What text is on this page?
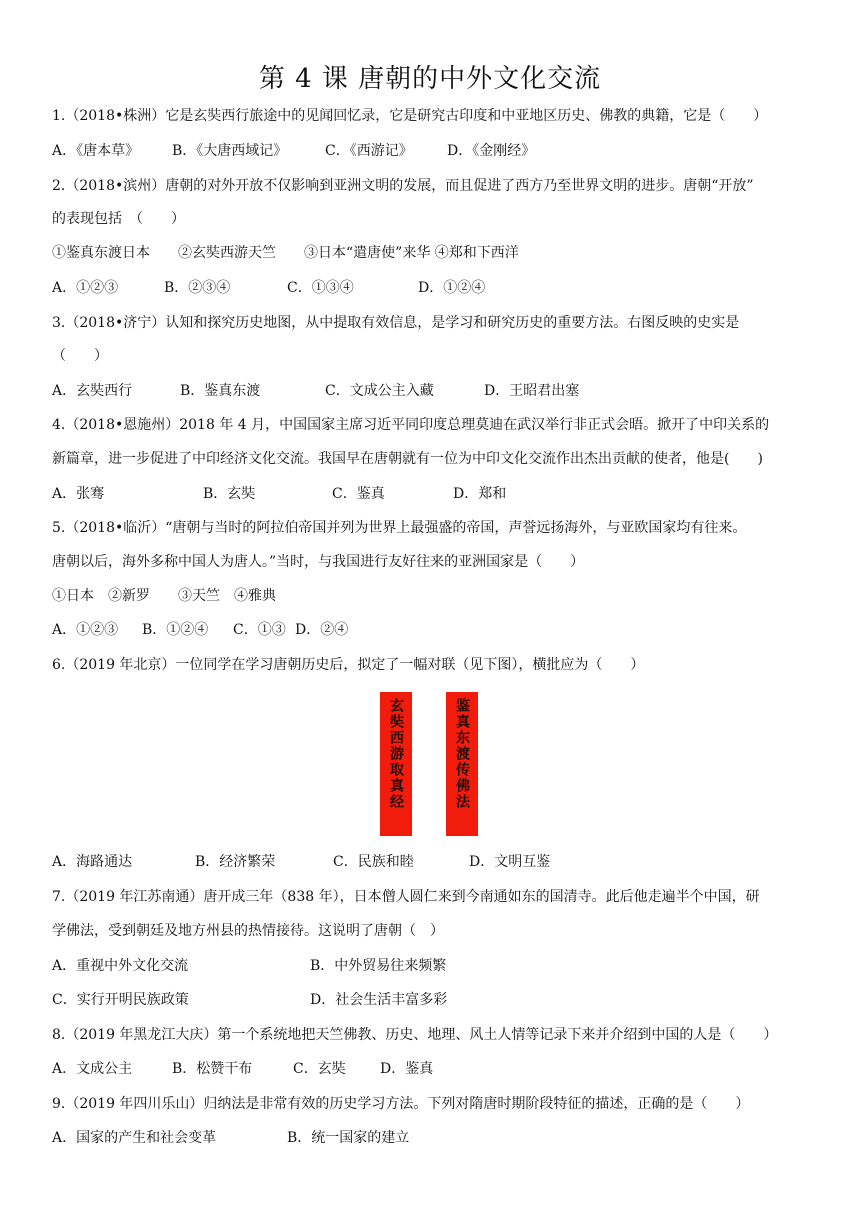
第 4 课 唐朝的中外文化交流
1.（2018•株洲）它是玄奘西行旅途中的见闻回忆录，它是研究古印度和中亚地区历史、佛教的典籍，它是（　　）
A．《唐本草》 B．《大唐西域记》	C．《西游记》 D．《金刚经》
2.（2018•滨州）唐朝的对外开放不仅影响到亚洲文明的发展，而且促进了西方乃至世界文明的进步。唐朝“开放”
的表现包括　（　　）
①鉴真东渡日本　　②玄奘西游天竺　　③日本“遣唐使”来华 ④郑和下西洋
A．①②③	B．②③④	C．①③④	D．①②④
3.（2018•济宁）认知和探究历史地图，从中提取有效信息，是学习和研究历史的重要方法。右图反映的史实是
（　　）
A．玄奘西行	B．鉴真东渡	C．文成公主入藏	D．王昭君出塞
4.（2018•恩施州）2018 年 4 月，中国国家主席习近平同印度总理莫迪在武汉举行非正式会晤。掀开了中印关系的
新篇章，进一步促进了中印经济文化交流。我国早在唐朝就有一位为中印文化交流作出杰出贡献的使者，他是(　　)
A．张骞	B．玄奘	C．鉴真	D．郑和
5.（2018•临沂）“唐朝与当时的阿拉伯帝国并列为世界上最强盛的帝国，声誉远扬海外，与亚欧国家均有往来。
唐朝以后，海外多称中国人为唐人。”当时，与我国进行友好往来的亚洲国家是（　　）
①日本　②新罗　　③天竺　④雅典
A．①②③ B．①②④ C．①③ D．②④
6.（2019 年北京）一位同学在学习唐朝历史后，拟定了一幅对联（见下图），横批应为（　　）
玄奘西游取真经	鉴真东渡传佛法
A．海路通达	B．经济繁荣	C．民族和睦	D．文明互鉴
7.（2019 年江苏南通）唐开成三年（838 年），日本僧人圆仁来到今南通如东的国清寺。此后他走遍半个中国，研
学佛法，受到朝廷及地方州县的热情接待。这说明了唐朝（　）
A．重视中外文化交流	B．中外贸易往来频繁
C．实行开明民族政策	D．社会生活丰富多彩
8.（2019 年黑龙江大庆）第一个系统地把天竺佛教、历史、地理、风土人情等记录下来并介绍到中国的人是（　　）
A．文成公主	B．松赞干布	C．玄奘 D．鉴真
9.（2019 年四川乐山）归纳法是非常有效的历史学习方法。下列对隋唐时期阶段特征的描述，正确的是（　　）
A．国家的产生和社会变革	B．统一国家的建立
